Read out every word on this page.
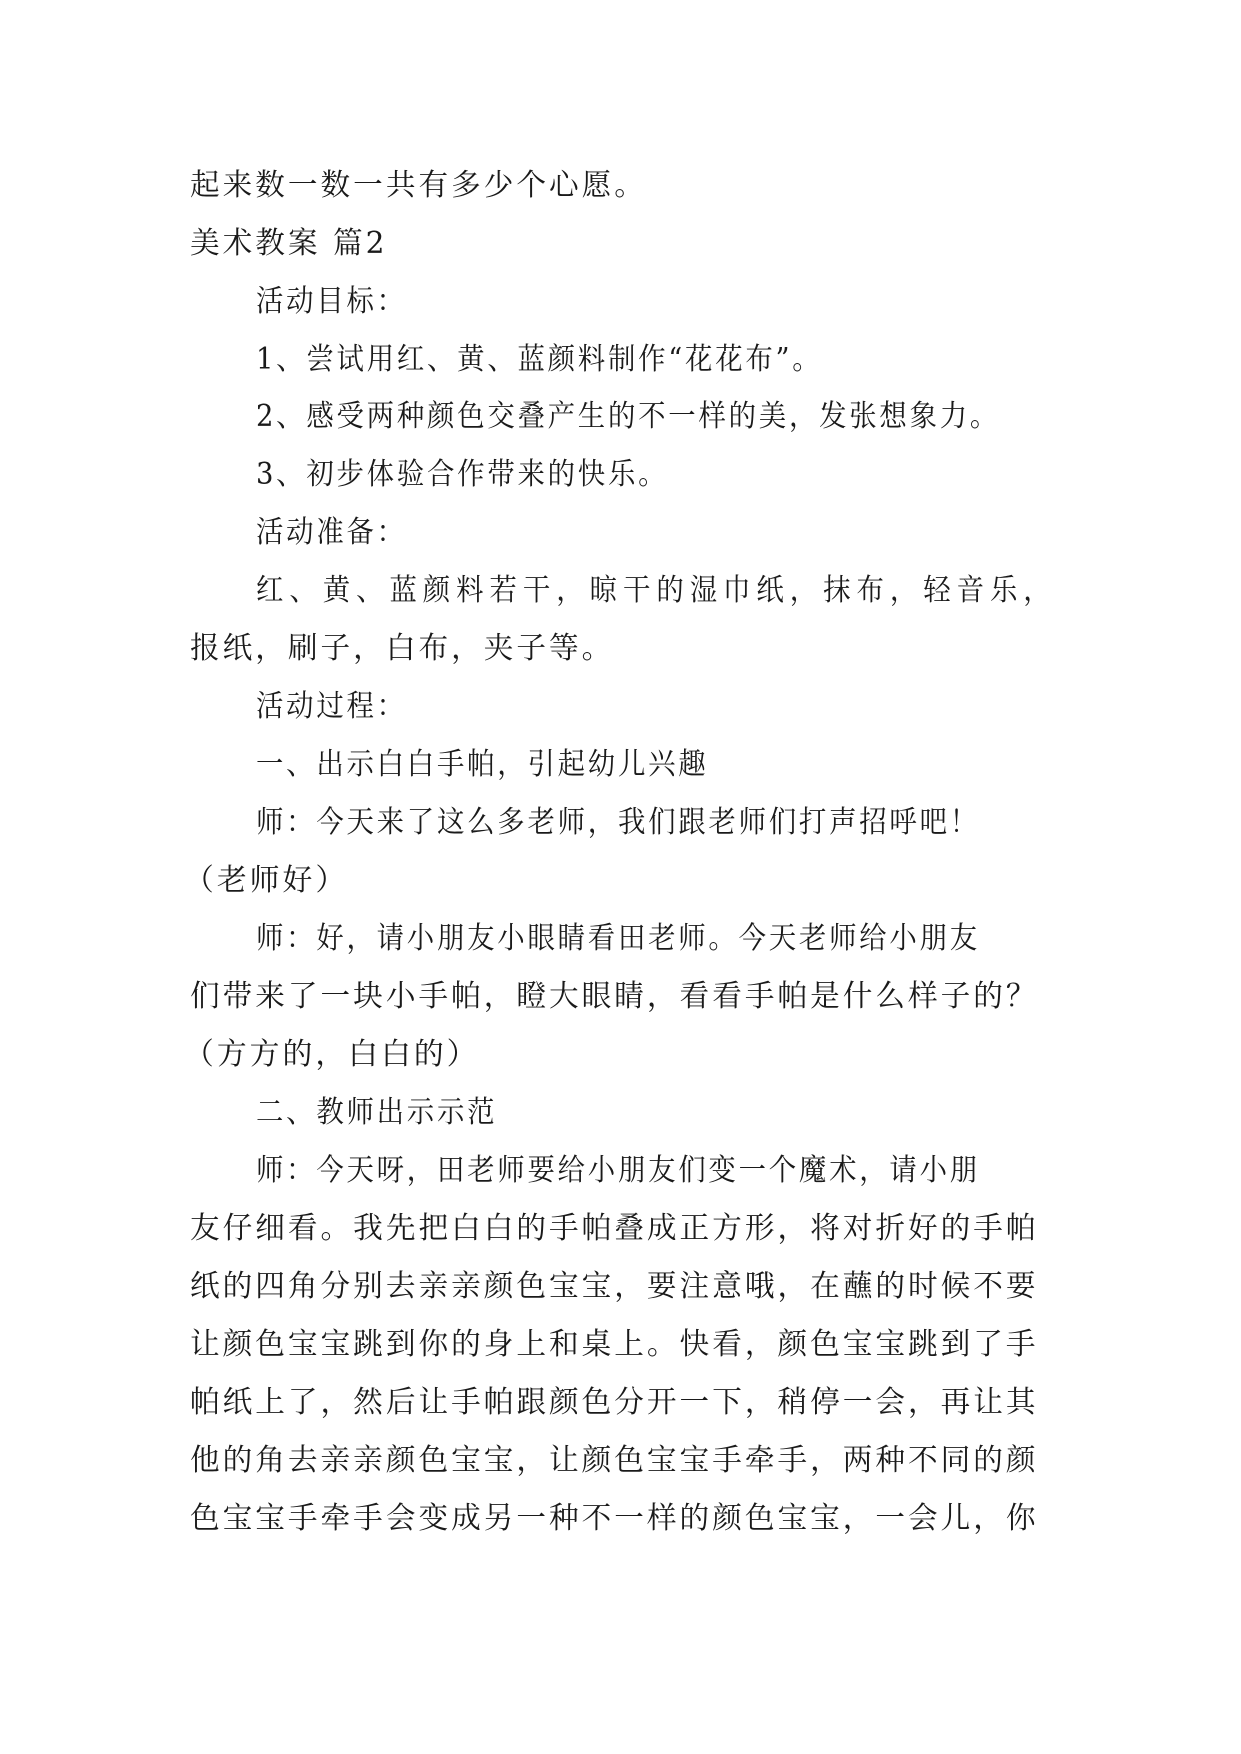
起来数一数一共有多少个心愿。
美术教案 篇2
活动目标：
1、尝试用红、黄、蓝颜料制作“花花布”。
2、感受两种颜色交叠产生的不一样的美，发张想象力。
3、初步体验合作带来的快乐。
活动准备：
红、黄、蓝颜料若干，晾干的湿巾纸，抹布，轻音乐，
报纸，刷子，白布，夹子等。
活动过程：
一、出示白白手帕，引起幼儿兴趣
师：今天来了这么多老师，我们跟老师们打声招呼吧！
（老师好）
师：好，请小朋友小眼睛看田老师。今天老师给小朋友
们带来了一块小手帕，瞪大眼睛，看看手帕是什么样子的？
（方方的，白白的）
二、教师出示示范
师：今天呀，田老师要给小朋友们变一个魔术，请小朋
友仔细看。我先把白白的手帕叠成正方形，将对折好的手帕
纸的四角分别去亲亲颜色宝宝，要注意哦，在蘸的时候不要
让颜色宝宝跳到你的身上和桌上。快看，颜色宝宝跳到了手
帕纸上了，然后让手帕跟颜色分开一下，稍停一会，再让其
他的角去亲亲颜色宝宝，让颜色宝宝手牵手，两种不同的颜
色宝宝手牵手会变成另一种不一样的颜色宝宝，一会儿，你
